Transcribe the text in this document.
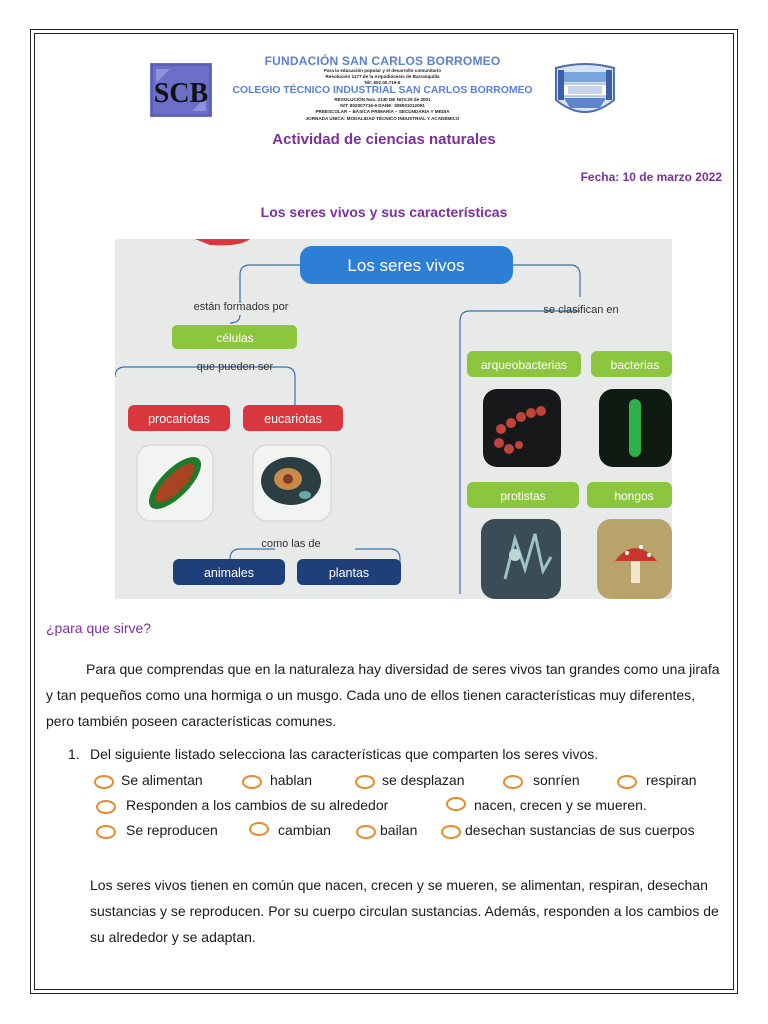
SCB
FUNDACIÓN SAN CARLOS BORROMEO
Para la educación popular y el desarrollo comunitario
Resolución 1177 de la Arquidiócesis de Barranquilla
Nit: 802.00.716-6
COLEGIO TÉCNICO INDUSTRIAL SAN CARLOS BORROMEO
RESOLUCIÓN Nos. 2130 DE NOV.29 de 2001
NIT: 802007716-6 DANE: 308001012091
PREESCOLAR – BÁSICA PRIMARIA – SECUNDARIA Y MEDIA
JORNADA ÚNICA: MODALIDAD TÉCNICO INDUSTRIAL Y ACADÉMICO
Actividad de ciencias naturales
Fecha: 10 de marzo 2022
Los seres vivos y sus características
Los seres vivos
están formados por
células
que pueden ser
procariotas	eucariotas
como las de
animales	plantas
se clasifican en
arqueobacterias	bacterias
protistas	hongos
¿para que sirve?
Para que comprendas que en la naturaleza hay diversidad de seres vivos tan grandes como una jirafa y tan pequeños como una hormiga o un musgo. Cada uno de ellos tienen características muy diferentes, pero también poseen características comunes.
1. Del siguiente listado selecciona las características que comparten los seres vivos.
Se alimentan	hablan	se desplazan	sonríen	respiran
Responden a los cambios de su alrededor	nacen, crecen y se mueren.
Se reproducen	cambian	bailan	desechan sustancias de sus cuerpos
Los seres vivos tienen en común que nacen, crecen y se mueren, se alimentan, respiran, desechan sustancias y se reproducen. Por su cuerpo circulan sustancias. Además, responden a los cambios de su alrededor y se adaptan.
